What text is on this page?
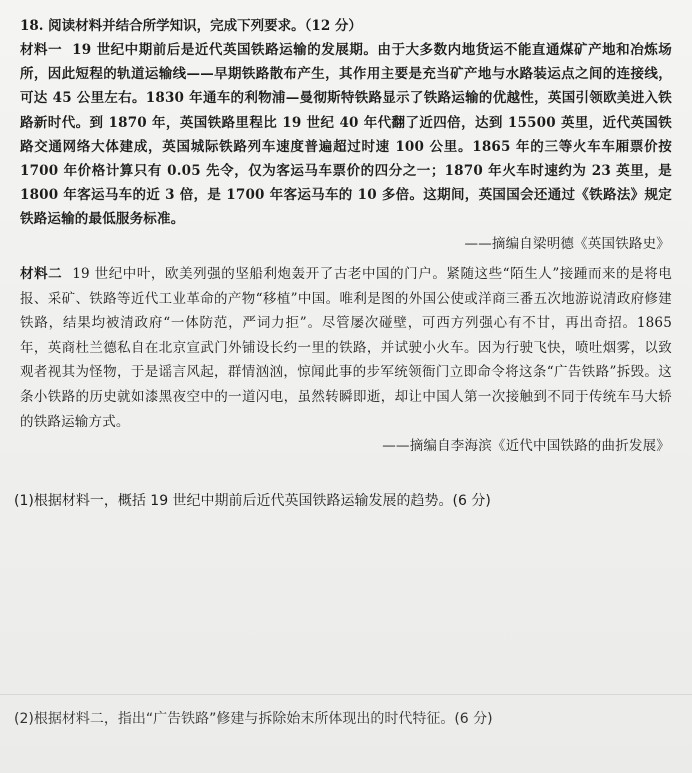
18. 阅读材料并结合所学知识，完成下列要求。（12 分）
材料一 19 世纪中期前后是近代英国铁路运输的发展期。由于大多数内地货运不能直通煤矿产地和冶炼场所，因此短程的轨道运输线——早期铁路散布产生，其作用主要是充当矿产地与水路装运点之间的连接线，可达 45 公里左右。1830 年通车的利物浦—曼彻斯特铁路显示了铁路运输的优越性，英国引领欧美进入铁路新时代。到 1870 年，英国铁路里程比 19 世纪 40 年代翻了近四倍，达到 15500 英里，近代英国铁路交通网络大体建成，英国城际铁路列车速度普遍超过时速 100 公里。1865 年的三等火车车厢票价按 1700 年价格计算只有 0.05 先令，仅为客运马车票价的四分之一；1870 年火车时速约为 23 英里，是 1800 年客运马车的近 3 倍，是 1700 年客运马车的 10 多倍。这期间，英国国会还通过《铁路法》规定铁路运输的最低服务标准。
——摘编自梁明德《英国铁路史》
材料二 19 世纪中叶，欧美列强的坚船利炮轰开了古老中国的门户。紧随这些“陌生人”接踵而来的是将电报、采矿、铁路等近代工业革命的产物“移植”中国。唯利是图的外国公使或洋商三番五次地游说清政府修建铁路，结果均被清政府“一体防范，严词力拒”。尽管屡次碰壁，可西方列强心有不甘，再出奇招。1865 年，英商杜兰德私自在北京宣武门外铺设长约一里的铁路，并试驶小火车。因为行驶飞快，喷吐烟雾，以致观者视其为怪物，于是谣言风起，群情汹汹，惊闻此事的步军统领衙门立即命令将这条“广告铁路”拆毁。这条小铁路的历史就如漆黑夜空中的一道闪电，虽然转瞬即逝，却让中国人第一次接触到不同于传统车马大轿的铁路运输方式。
——摘编自李海滨《近代中国铁路的曲折发展》
(1)根据材料一，概括 19 世纪中期前后近代英国铁路运输发展的趋势。(6 分)
(2)根据材料二，指出“广告铁路”修建与拆除始末所体现出的时代特征。(6 分)
